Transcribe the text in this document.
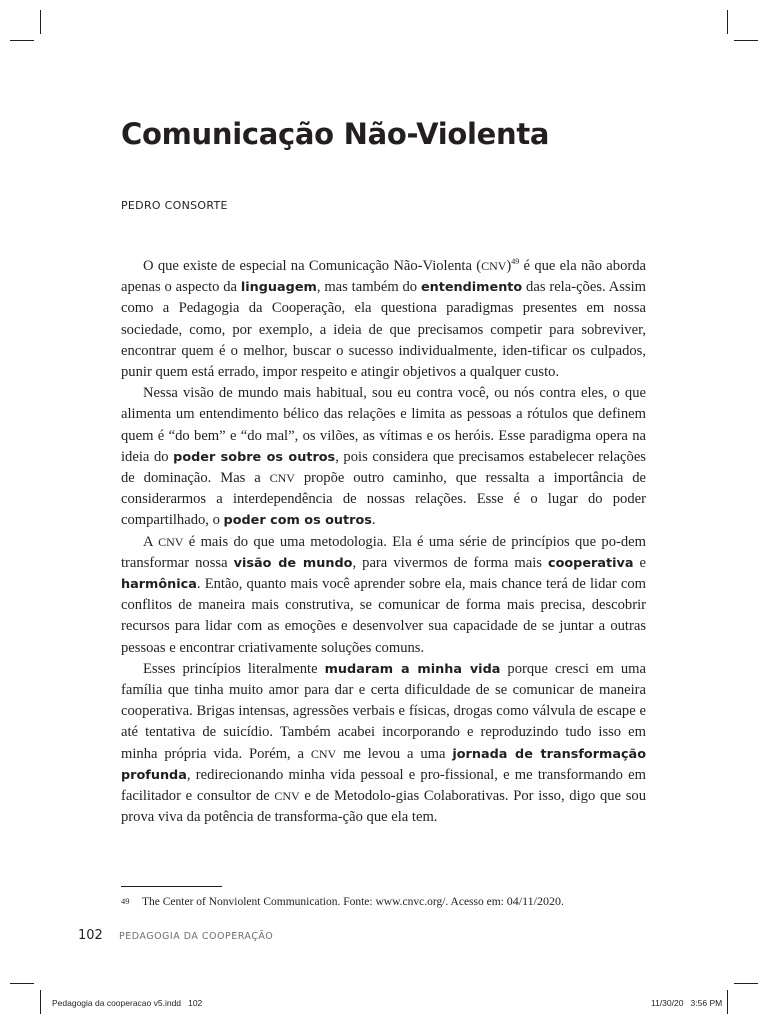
Comunicação Não-Violenta
PEDRO CONSORTE

O que existe de especial na Comunicação Não-Violenta (CNV)$^{49}$ é que ela não aborda apenas o aspecto da linguagem, mas também do entendimento das rela-ções. Assim como a Pedagogia da Cooperação, ela questiona paradigmas presentes em nossa sociedade, como, por exemplo, a ideia de que precisamos competir para sobreviver, encontrar quem é o melhor, buscar o sucesso individualmente, iden-tificar os culpados, punir quem está errado, impor respeito e atingir objetivos a qualquer custo.

Nessa visão de mundo mais habitual, sou eu contra você, ou nós contra eles, o que alimenta um entendimento bélico das relações e limita as pessoas a rótulos que definem quem é “do bem” e “do mal”, os vilões, as vítimas e os heróis. Esse paradigma opera na ideia do poder sobre os outros, pois considera que precisamos estabelecer relações de dominação. Mas a CNV propõe outro caminho, que ressalta a importância de considerarmos a interdependência de nossas relações. Esse é o lugar do poder compartilhado, o poder com os outros.

A CNV é mais do que uma metodologia. Ela é uma série de princípios que po-dem transformar nossa visão de mundo, para vivermos de forma mais cooperativa e harmônica. Então, quanto mais você aprender sobre ela, mais chance terá de lidar com conflitos de maneira mais construtiva, se comunicar de forma mais precisa, descobrir recursos para lidar com as emoções e desenvolver sua capacidade de se juntar a outras pessoas e encontrar criativamente soluções comuns.

Esses princípios literalmente mudaram a minha vida porque cresci em uma família que tinha muito amor para dar e certa dificuldade de se comunicar de maneira cooperativa. Brigas intensas, agressões verbais e físicas, drogas como válvula de escape e até tentativa de suicídio. Também acabei incorporando e reproduzindo tudo isso em minha própria vida. Porém, a CNV me levou a uma jornada de transformação profunda, redirecionando minha vida pessoal e pro-fissional, e me transformando em facilitador e consultor de CNV e de Metodolo-gias Colaborativas. Por isso, digo que sou prova viva da potência de transforma-ção que ela tem.

49 The Center of Nonviolent Communication. Fonte: www.cnvc.org/. Acesso em: 04/11/2020.
102 PEDAGOGIA DA COOPERAÇÃO
Pedagogia da cooperacao v5.indd   102	11/30/20   3:56 PM
